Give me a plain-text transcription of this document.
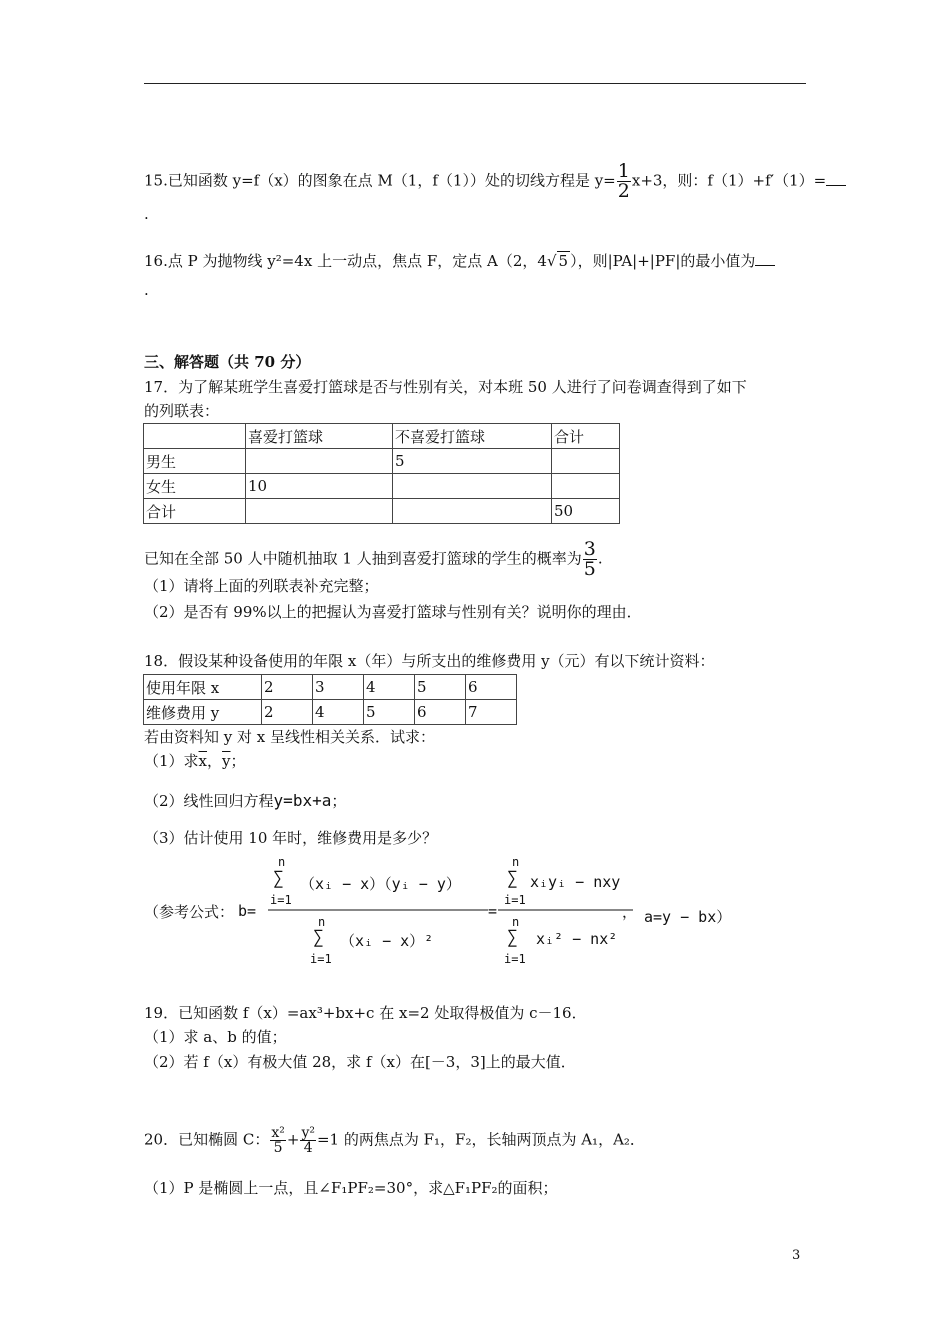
15.已知函数 y=f（x）的图象在点 M（1，f（1））处的切线方程是 $y= \frac{1}{2} x+3$，则：f（1）+f′（1）=
.
16.点 P 为抛物线 y²=4x 上一动点，焦点 F，定点 A（2，4√ 5 ），则|PA|+|PF|的最小值为
.
三、解答题（共 70 分）
17．为了解某班学生喜爱打篮球是否与性别有关，对本班 50 人进行了问卷调查得到了如下
的列联表：
	喜爱打篮球	不喜爱打篮球	合计
男生		5	
女生	10		
合计			50
已知在全部 50 人中随机抽取 1 人抽到喜爱打篮球的学生的概率为 $\frac{3}{5}$ .
（1）请将上面的列联表补充完整；
（2）是否有 99%以上的把握认为喜爱打篮球与性别有关？说明你的理由．
18．假设某种设备使用的年限 x（年）与所支出的维修费用 y（元）有以下统计资料：
使用年限 x	2	3	4	5	6
维修费用 y	2	4	5	6	7
若由资料知 y 对 x 呈线性相关关系．试求：
（1）求$\overline{x}$，$\overline{y}$；
（2）线性回归方程y=bx+a；
（3）估计使用 10 年时，维修费用是多少？
（参考公式： b=
n
∑
i=1
（xᵢ − x）（yᵢ − y）
n
∑
i=1
（xᵢ − x）²
=
n
∑
i=1
xᵢyᵢ − nxy
n
∑
i=1
xᵢ² − nx²
， a=y − bx）
19．已知函数 f（x）=ax³+bx+c 在 x=2 处取得极值为 c－16．
（1）求 a、b 的值；
（2）若 f（x）有极大值 28，求 f（x）在[－3，3]上的最大值．
20．已知椭圆 C： $\frac{\text{x²}}{5} + \frac{\text{y²}}{4} =1$ 的两焦点为 F₁，F₂，长轴两顶点为 A₁，A₂．
（1）P 是椭圆上一点，且∠F₁PF₂=30°，求△F₁PF₂的面积；
3
